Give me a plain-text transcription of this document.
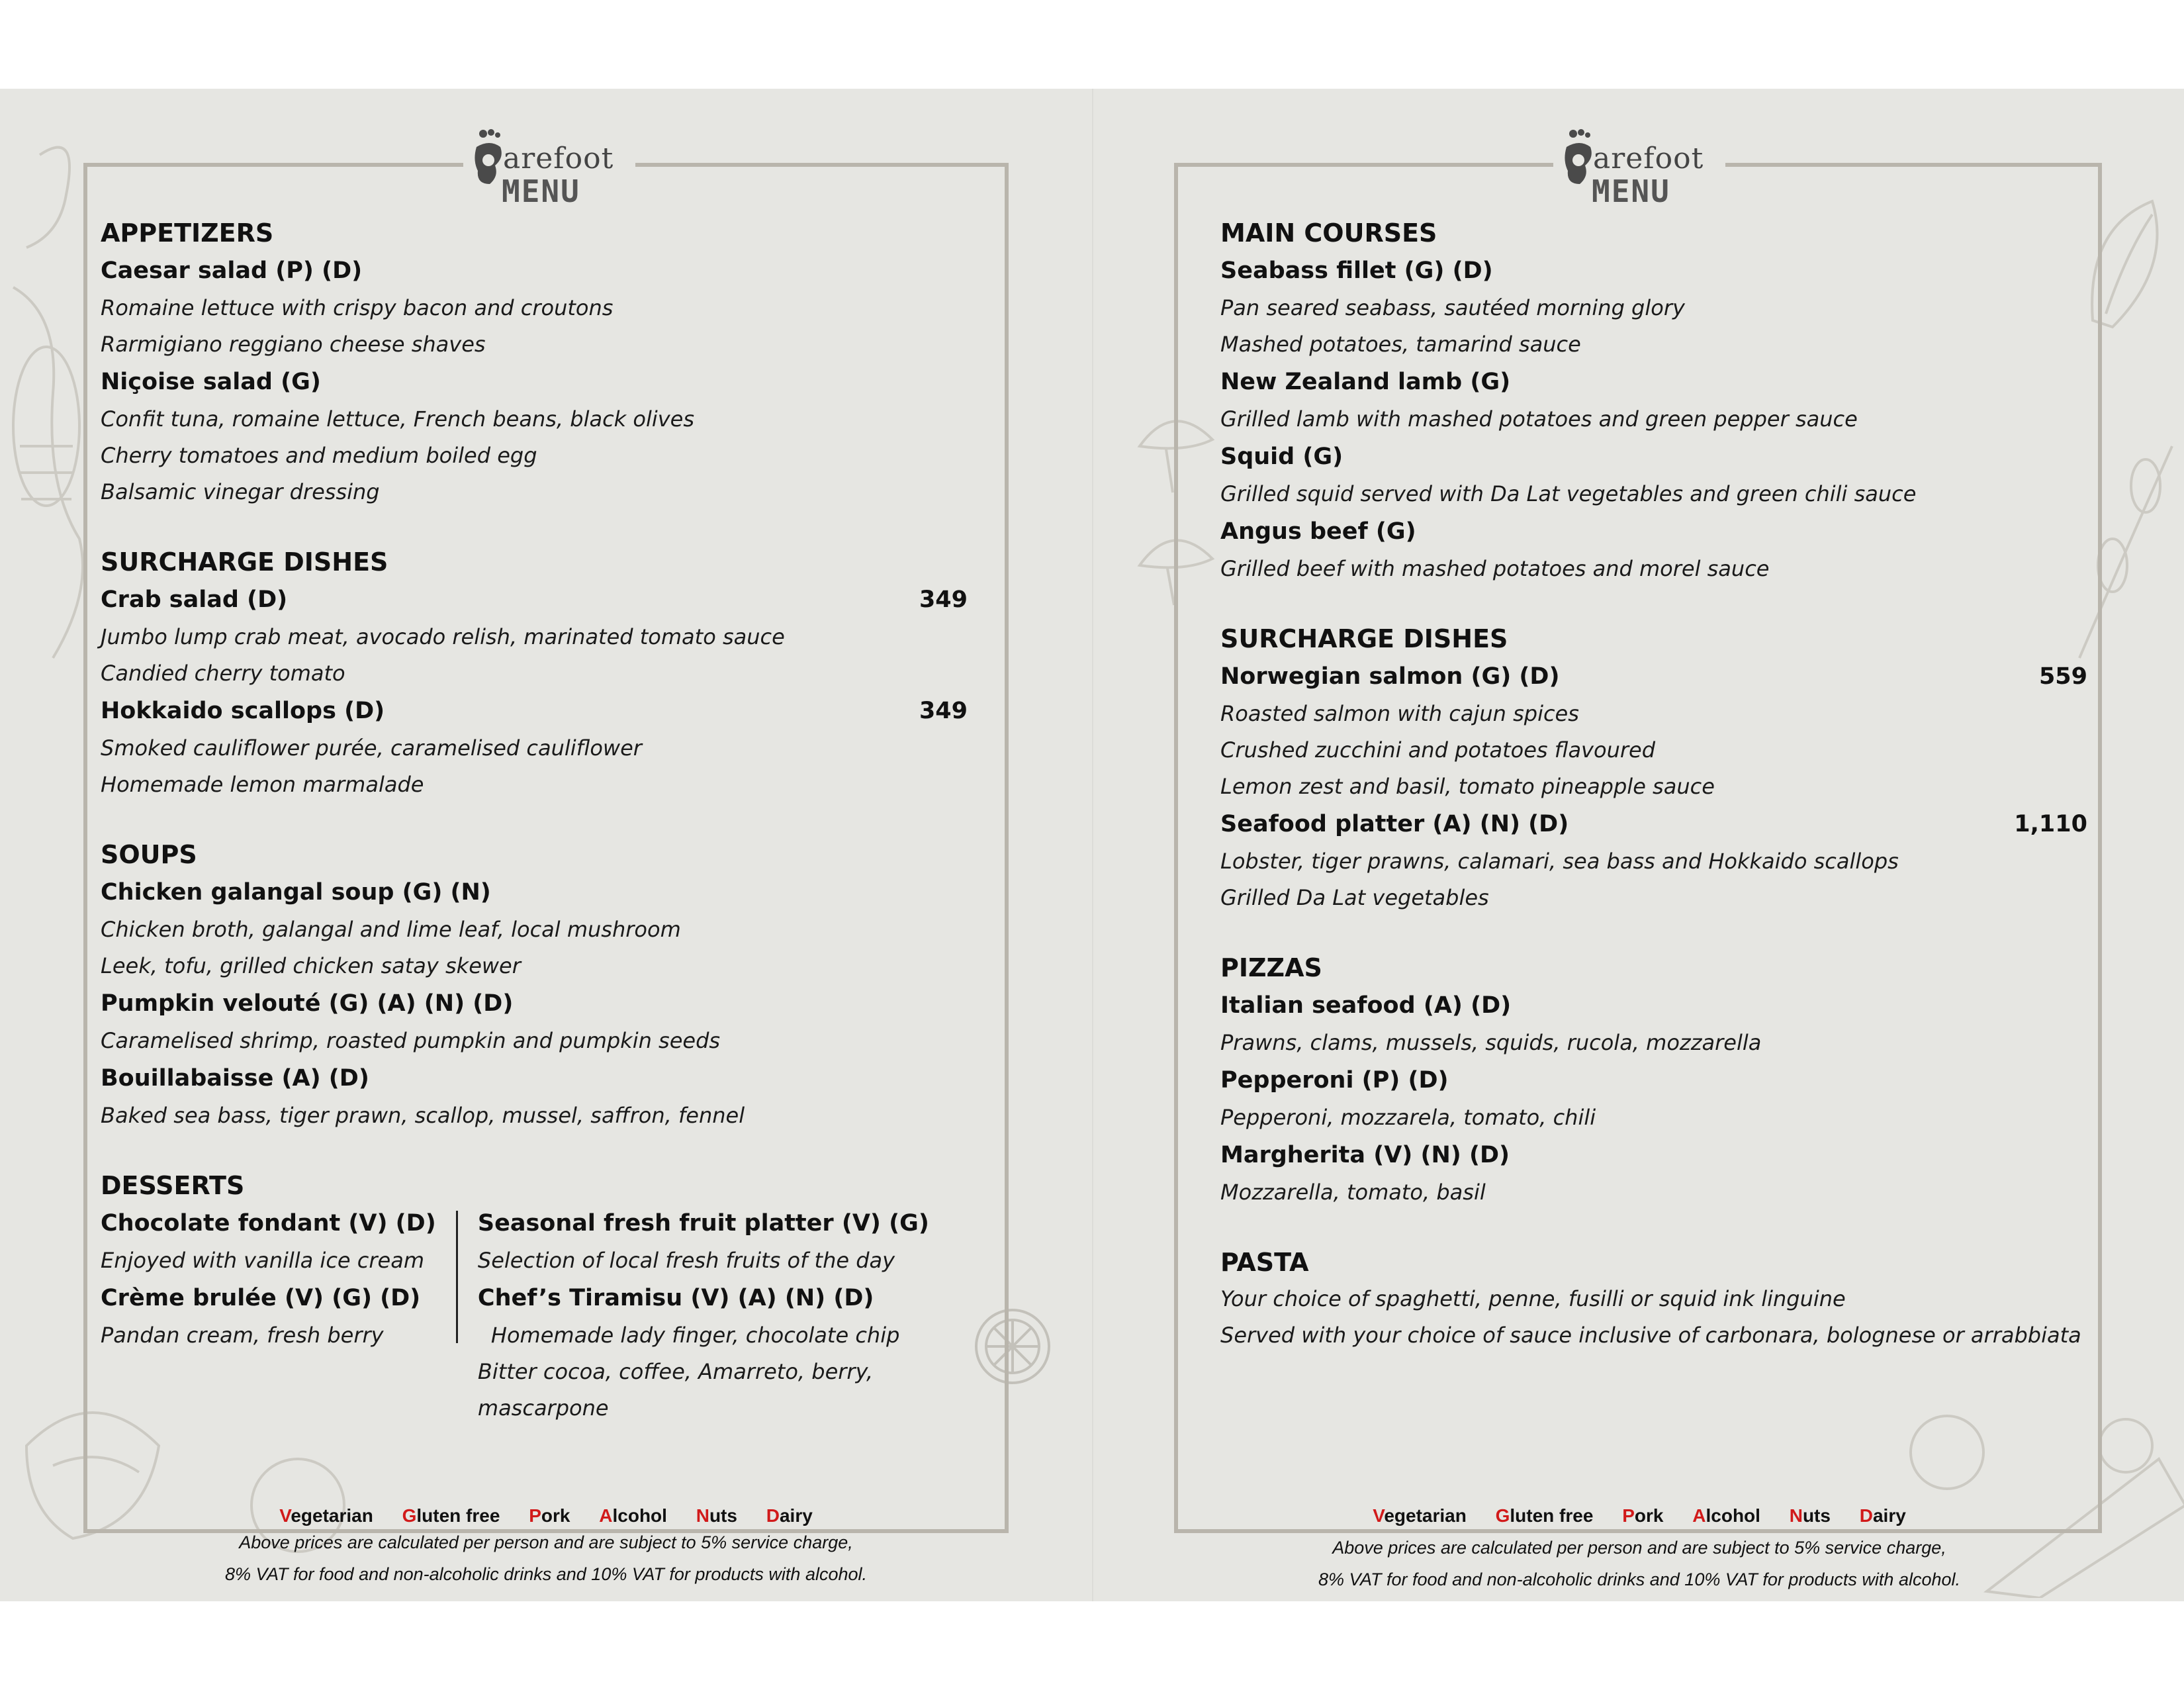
arefoot
MENU
APPETIZERS
Caesar salad (P) (D)
Romaine lettuce with crispy bacon and croutons
Rarmigiano reggiano cheese shaves
Niçoise salad (G)
Confit tuna, romaine lettuce, French beans, black olives
Cherry tomatoes and medium boiled egg
Balsamic vinegar dressing
SURCHARGE DISHES
Crab salad (D)	349
Jumbo lump crab meat, avocado relish, marinated tomato sauce
Candied cherry tomato
Hokkaido scallops (D)	349
Smoked cauliflower purée, caramelised cauliflower
Homemade lemon marmalade
SOUPS
Chicken galangal soup (G) (N)
Chicken broth, galangal and lime leaf, local mushroom
Leek, tofu, grilled chicken satay skewer
Pumpkin velouté (G) (A) (N) (D)
Caramelised shrimp, roasted pumpkin and pumpkin seeds
Bouillabaisse (A) (D)
Baked sea bass, tiger prawn, scallop, mussel, saffron, fennel
DESSERTS
Chocolate fondant (V) (D)
Enjoyed with vanilla ice cream
Crème brulée (V) (G) (D)
Pandan cream, fresh berry
Seasonal fresh fruit platter (V) (G)
Selection of local fresh fruits of the day
Chef’s Tiramisu (V) (A) (N) (D)
Homemade lady finger, chocolate chip
Bitter cocoa, coffee, Amarreto, berry, mascarpone
Vegetarian Gluten free Pork Alcohol Nuts Dairy
Above prices are calculated per person and are subject to 5% service charge,
8% VAT for food and non-alcoholic drinks and 10% VAT for products with alcohol.
arefoot
MENU
MAIN COURSES
Seabass fillet (G) (D)
Pan seared seabass, sautéed morning glory
Mashed potatoes, tamarind sauce
New Zealand lamb (G)
Grilled lamb with mashed potatoes and green pepper sauce
Squid (G)
Grilled squid served with Da Lat vegetables and green chili sauce
Angus beef (G)
Grilled beef with mashed potatoes and morel sauce
SURCHARGE DISHES
Norwegian salmon (G) (D)	559
Roasted salmon with cajun spices
Crushed zucchini and potatoes flavoured
Lemon zest and basil, tomato pineapple sauce
Seafood platter (A) (N) (D)	1,110
Lobster, tiger prawns, calamari, sea bass and Hokkaido scallops
Grilled Da Lat vegetables
PIZZAS
Italian seafood (A) (D)
Prawns, clams, mussels, squids, rucola, mozzarella
Pepperoni (P) (D)
Pepperoni, mozzarela, tomato, chili
Margherita (V) (N) (D)
Mozzarella, tomato, basil
PASTA
Your choice of spaghetti, penne, fusilli or squid ink linguine
Served with your choice of sauce inclusive of carbonara, bolognese or arrabbiata
Vegetarian Gluten free Pork Alcohol Nuts Dairy
Above prices are calculated per person and are subject to 5% service charge,
8% VAT for food and non-alcoholic drinks and 10% VAT for products with alcohol.
